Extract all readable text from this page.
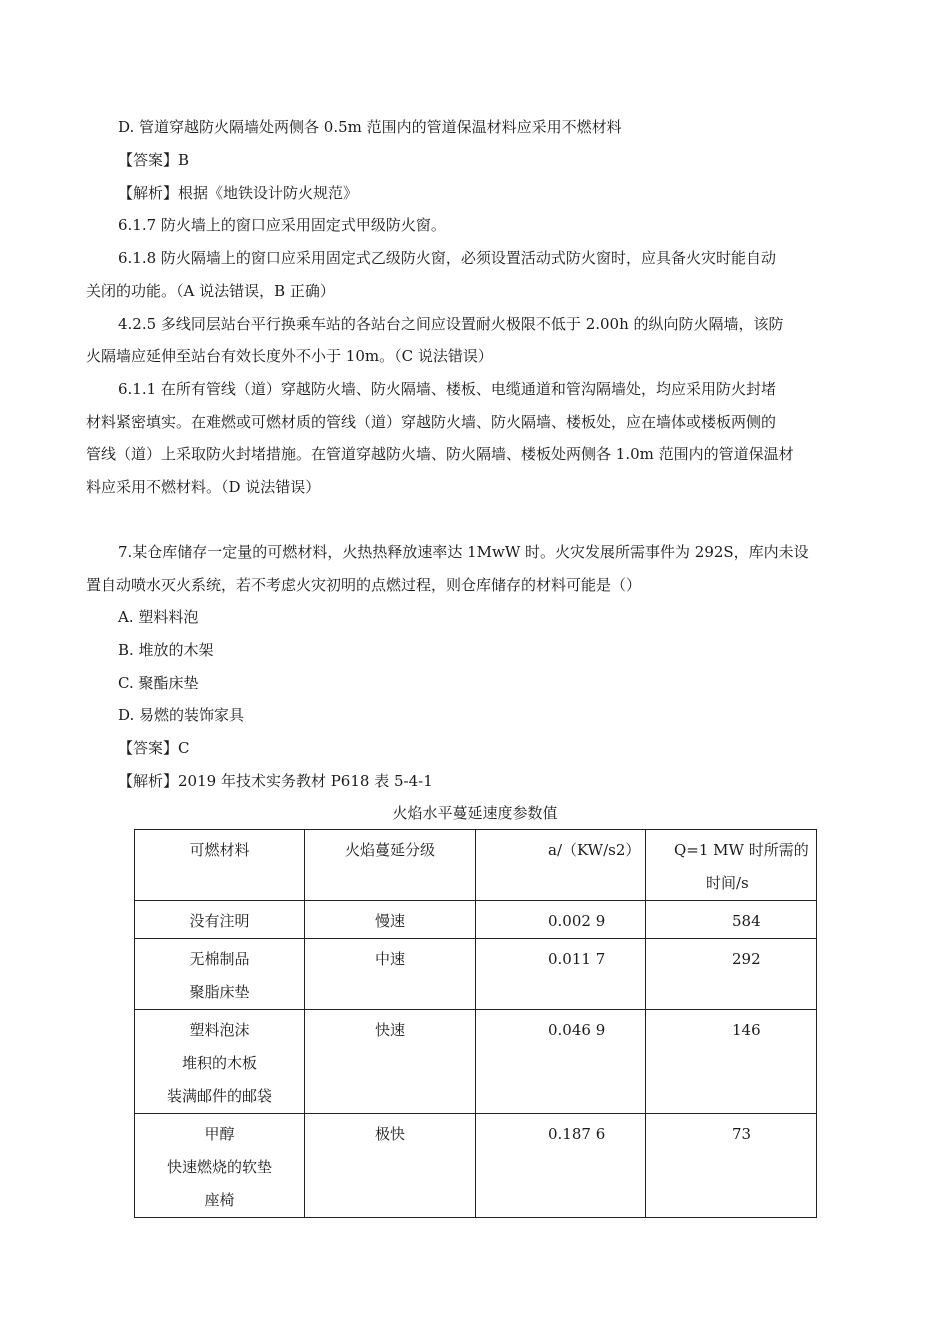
D. 管道穿越防火隔墙处两侧各 0.5m 范围内的管道保温材料应采用不燃材料
【答案】B
【解析】根据《地铁设计防火规范》
6.1.7 防火墙上的窗口应采用固定式甲级防火窗。
6.1.8 防火隔墙上的窗口应采用固定式乙级防火窗，必须设置活动式防火窗时，应具备火灾时能自动
关闭的功能。（A 说法错误，B 正确）
4.2.5 多线同层站台平行换乘车站的各站台之间应设置耐火极限不低于 2.00h 的纵向防火隔墙，该防
火隔墙应延伸至站台有效长度外不小于 10m。（C 说法错误）
6.1.1 在所有管线（道）穿越防火墙、防火隔墙、楼板、电缆通道和管沟隔墙处，均应采用防火封堵
材料紧密填实。在难燃或可燃材质的管线（道）穿越防火墙、防火隔墙、楼板处，应在墙体或楼板两侧的
管线（道）上采取防火封堵措施。在管道穿越防火墙、防火隔墙、楼板处两侧各 1.0m 范围内的管道保温材
料应采用不燃材料。（D 说法错误）
7.某仓库储存一定量的可燃材料，火热热释放速率达 1MwW 时。火灾发展所需事件为 292S，库内未设
置自动喷水灭火系统，若不考虑火灾初明的点燃过程，则仓库储存的材料可能是（）
A. 塑料料泡
B. 堆放的木架
C. 聚酯床垫
D. 易燃的装饰家具
【答案】C
【解析】2019 年技术实务教材 P618 表 5-4-1
火焰水平蔓延速度参数值
可燃材料	火焰蔓延分级	a/（KW/s2）	Q=1 MW 时所需的
时间/s

没有注明	慢速	0.002 9	584

无棉制品
聚脂床垫	中速	0.011 7	292

塑料泡沫
堆积的木板
装满邮件的邮袋	快速	0.046 9	146

甲醇
快速燃烧的软垫
座椅	极快	0.187 6	73
